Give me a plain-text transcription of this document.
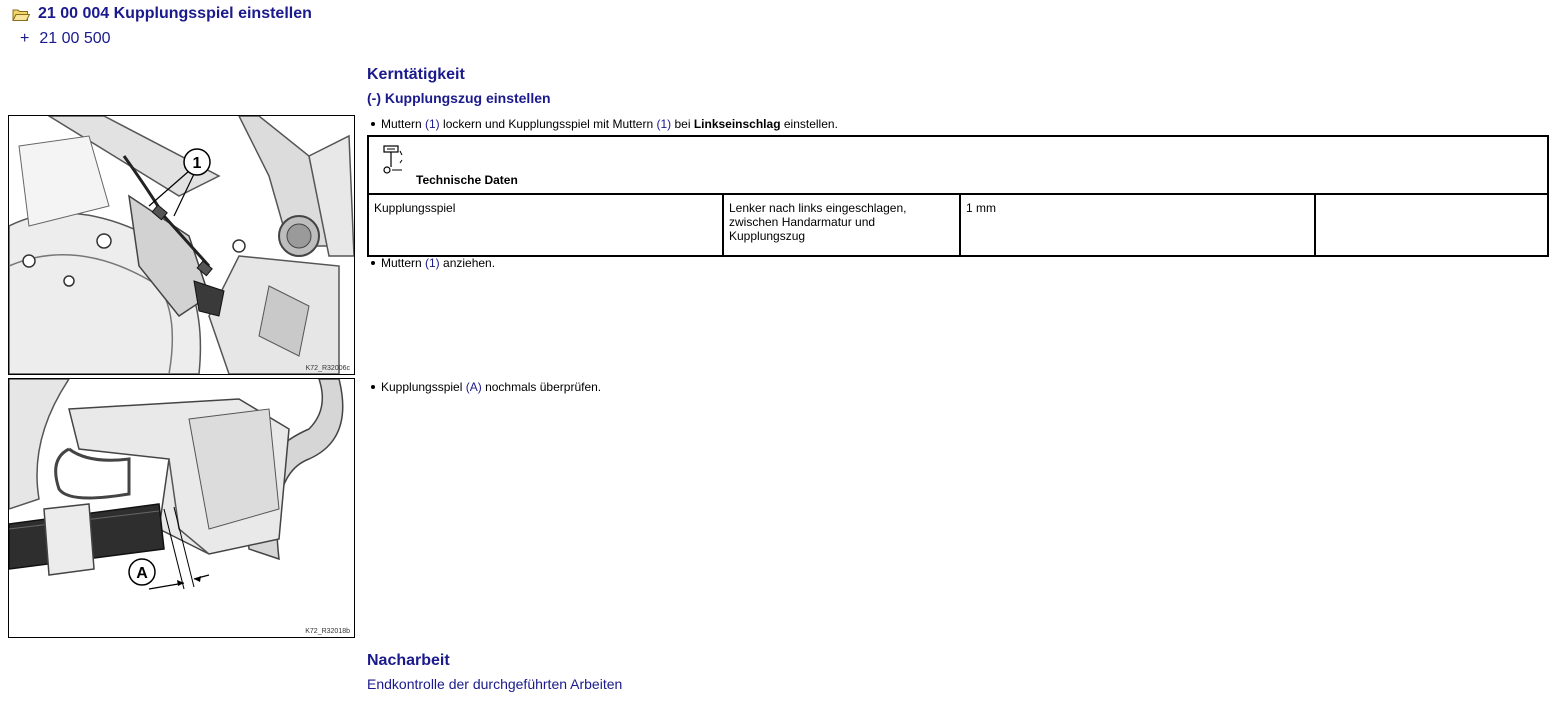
21 00 004 Kupplungsspiel einstellen
+ 21 00 500
Kerntätigkeit
(-) Kupplungszug einstellen
1
K72_R32006c
Muttern (1) lockern und Kupplungsspiel mit Muttern (1) bei Linkseinschlag einstellen.
Technische Daten
Kupplungsspiel	Lenker nach links eingeschlagen, zwischen Handarmatur und Kupplungszug	1 mm	
Muttern (1) anziehen.
A
K72_R32018b
Kupplungsspiel (A) nochmals überprüfen.
Nacharbeit
Endkontrolle der durchgeführten Arbeiten
